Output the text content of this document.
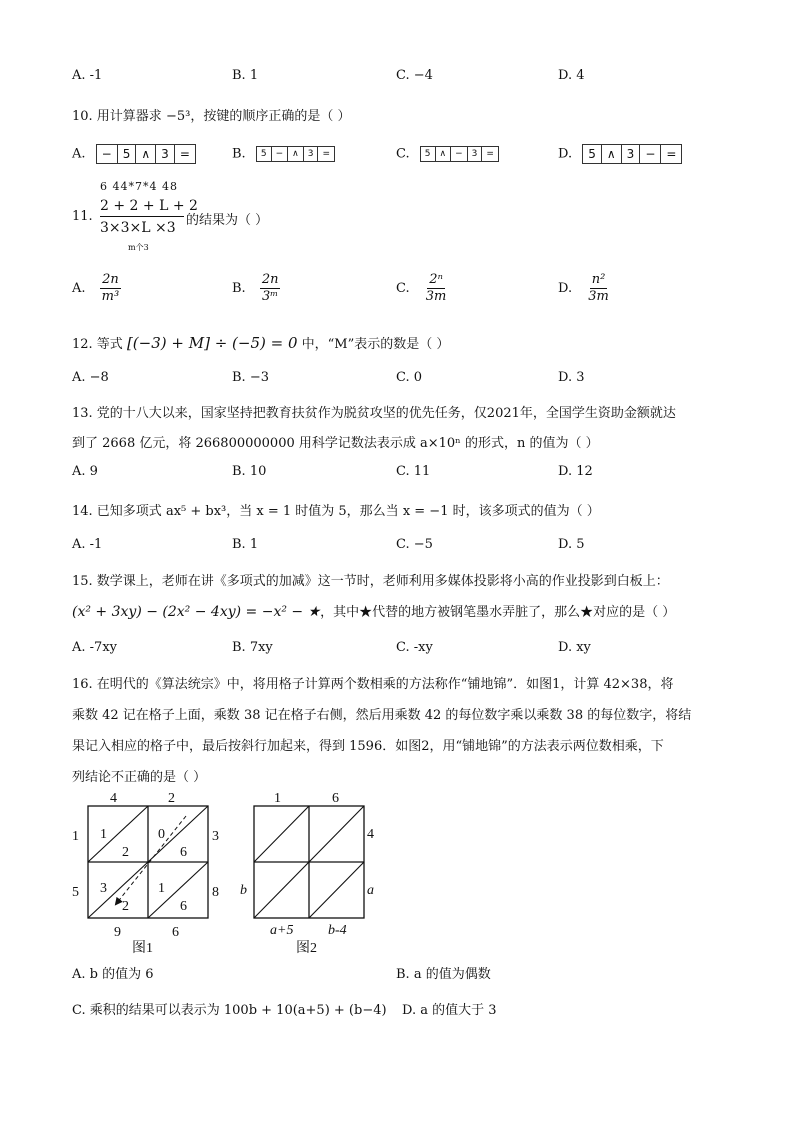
A. -1	B. 1	C. −4	D. 4
10. 用计算器求 −5³，按键的顺序正确的是（ ）
A.	− 5 ∧ 3 =	B.	5	−	∧	3	=	C.	5	∧	−	3	=	D.	5 ∧ 3 − =
11.
6 44*7*4 48
2 + 2 + L + 2
3×3×L ×3
m个3
的结果为（ ）
A. $\frac{2n}{\text{m³}}$	B. $\frac{2n}{\text{3ᵐ}}$	C. $\frac{\text{2ⁿ}}{3m}$	D. $\frac{\text{n²}}{3m}$
12. 等式 [(−3) + M] ÷ (−5) = 0 中，“M”表示的数是（ ）
A. −8	B. −3	C. 0	D. 3
13. 党的十八大以来，国家坚持把教育扶贫作为脱贫攻坚的优先任务，仅2021年，全国学生资助金额就达
到了 2668 亿元，将 266800000000 用科学记数法表示成 a×10ⁿ 的形式，n 的值为（ ）
A. 9	B. 10	C. 11	D. 12
14. 已知多项式 ax⁵ + bx³，当 x = 1 时值为 5，那么当 x = −1 时，该多项式的值为（ ）
A. -1	B. 1	C. −5	D. 5
15. 数学课上，老师在讲《多项式的加减》这一节时，老师利用多媒体投影将小高的作业投影到白板上：
(x² + 3xy) − (2x² − 4xy) = −x² − ★，其中★代替的地方被钢笔墨水弄脏了，那么★对应的是（ ）
A. -7xy	B. 7xy	C. -xy	D. xy
16. 在明代的《算法统宗》中，将用格子计算两个数相乘的方法称作“铺地锦”．如图1，计算 42×38，将
乘数 42 记在格子上面，乘数 38 记在格子右侧，然后用乘数 42 的每位数字乘以乘数 38 的每位数字，将结
果记入相应的格子中，最后按斜行加起来，得到 1596．如图2，用“铺地锦”的方法表示两位数相乘，下
列结论不正确的是（ ）
4	2
1
5
3
8
9	6
1
2
0
6
3
2
1
6
图1
1	6
4
a
b
a+5 b-4
图2
A. b 的值为 6	B. a 的值为偶数
C. 乘积的结果可以表示为 100b + 10(a+5) + (b−4) D. a 的值大于 3
